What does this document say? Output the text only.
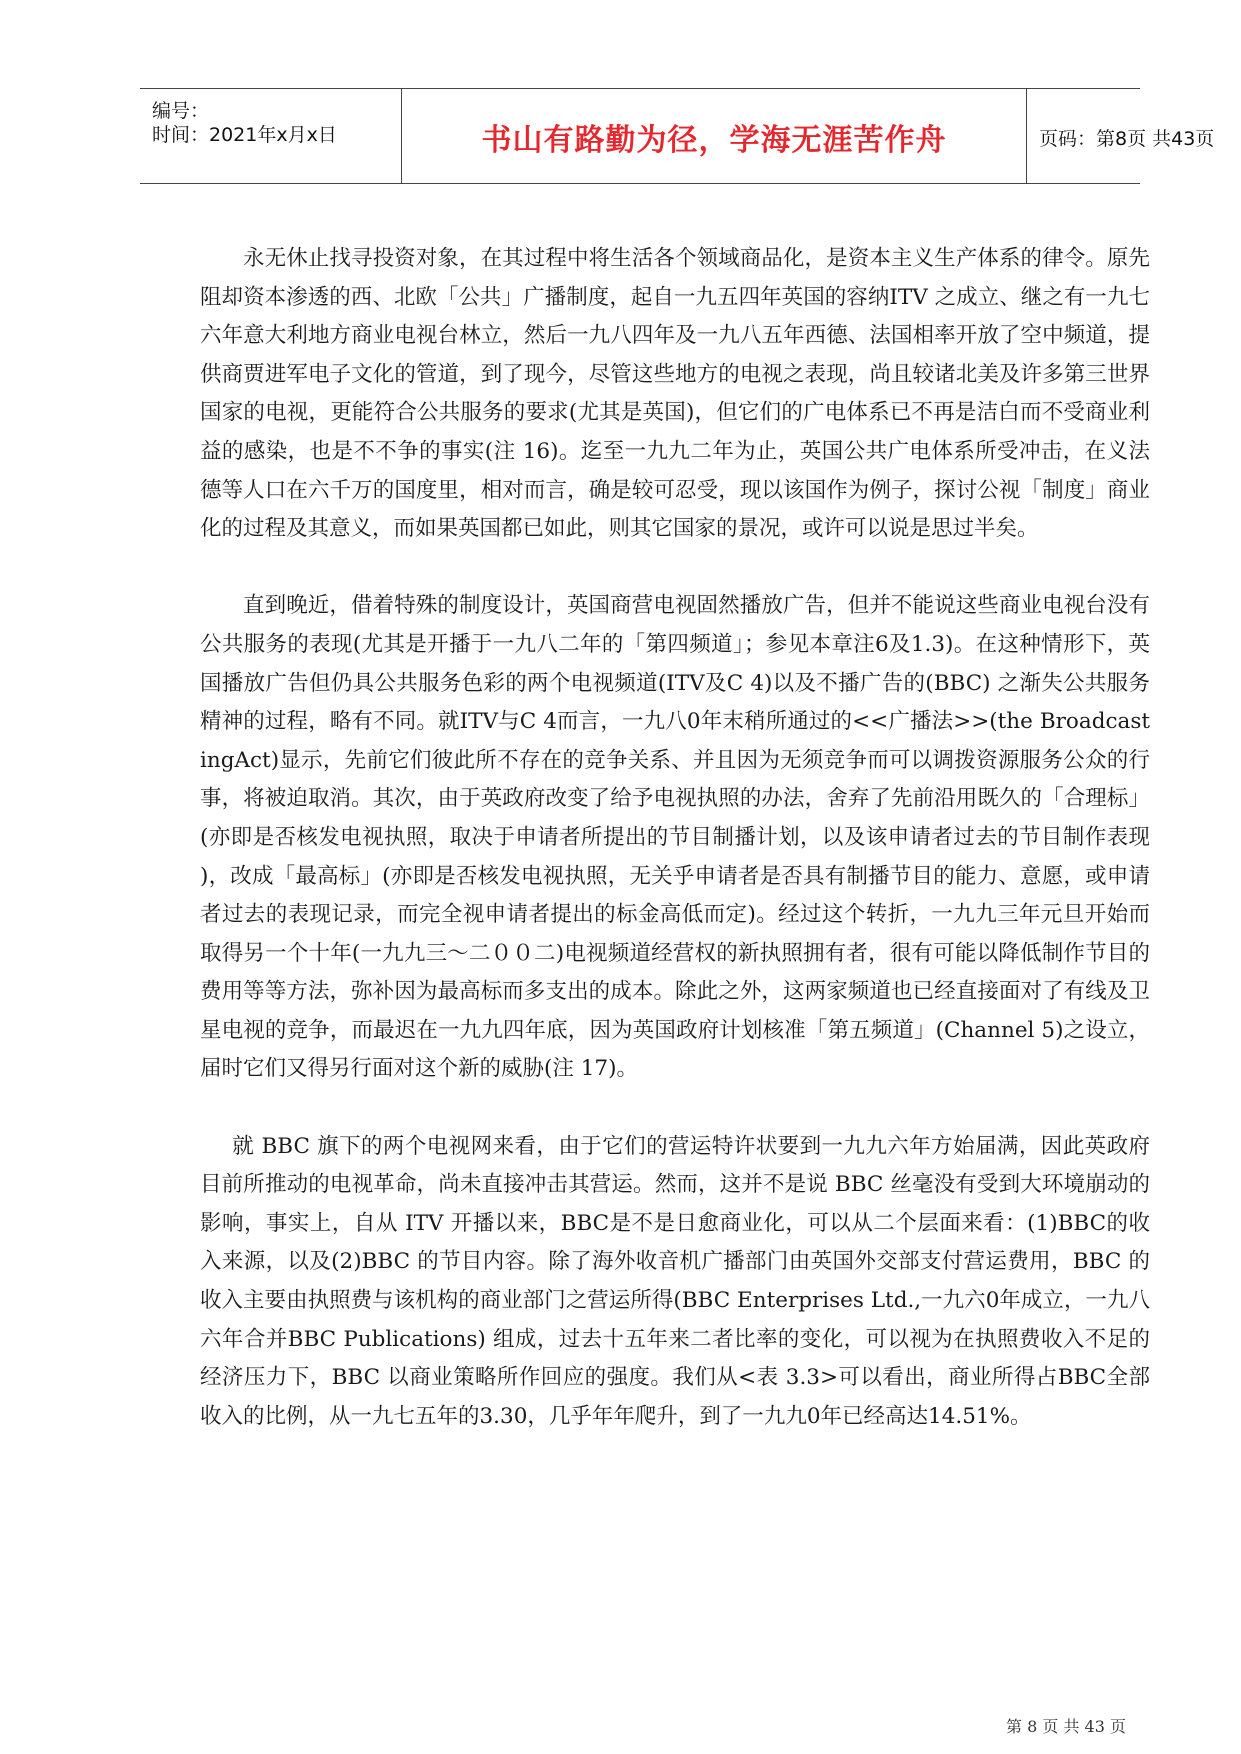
编号：
时间：2021年x月x日	书山有路勤为径，学海无涯苦作舟	页码：第8页 共43页

永无休止找寻投资对象，在其过程中将生活各个领域商品化，是资本主义生产体系的律令。原先阻却资本渗透的西、北欧「公共」广播制度，起自一九五四年英国的容纳ITV 之成立、继之有一九七六年意大利地方商业电视台林立，然后一九八四年及一九八五年西德、法国相率开放了空中频道，提供商贾进军电子文化的管道，到了现今，尽管这些地方的电视之表现，尚且较诸北美及许多第三世界国家的电视，更能符合公共服务的要求(尤其是英国)，但它们的广电体系已不再是洁白而不受商业利益的感染，也是不不争的事实(注 16)。迄至一九九二年为止，英国公共广电体系所受冲击，在义法德等人口在六千万的国度里，相对而言，确是较可忍受，现以该国作为例子，探讨公视「制度」商业化的过程及其意义，而如果英国都已如此，则其它国家的景况，或许可以说是思过半矣。

直到晚近，借着特殊的制度设计，英国商营电视固然播放广告，但并不能说这些商业电视台没有公共服务的表现(尤其是开播于一九八二年的「第四频道」；参见本章注6及1.3)。在这种情形下，英国播放广告但仍具公共服务色彩的两个电视频道(ITV及C 4)以及不播广告的(BBC) 之渐失公共服务精神的过程，略有不同。就ITV与C 4而言，一九八0年末稍所通过的<<广播法>>(the BroadcastingAct)显示，先前它们彼此所不存在的竞争关系、并且因为无须竞争而可以调拨资源服务公众的行事，将被迫取消。其次，由于英政府改变了给予电视执照的办法，舍弃了先前沿用既久的「合理标」(亦即是否核发电视执照，取决于申请者所提出的节目制播计划，以及该申请者过去的节目制作表现 )，改成「最高标」(亦即是否核发电视执照，无关乎申请者是否具有制播节目的能力、意愿，或申请者过去的表现记录，而完全视申请者提出的标金高低而定)。经过这个转折，一九九三年元旦开始而取得另一个十年(一九九三～二００二)电视频道经营权的新执照拥有者，很有可能以降低制作节目的费用等等方法，弥补因为最高标而多支出的成本。除此之外，这两家频道也已经直接面对了有线及卫星电视的竞争，而最迟在一九九四年底，因为英国政府计划核准「第五频道」(Channel 5)之设立，届时它们又得另行面对这个新的威胁(注 17)。

就 BBC 旗下的两个电视网来看，由于它们的营运特许状要到一九九六年方始届满，因此英政府目前所推动的电视革命，尚未直接冲击其营运。然而，这并不是说 BBC 丝毫没有受到大环境崩动的影响，事实上，自从 ITV 开播以来，BBC是不是日愈商业化，可以从二个层面来看：(1)BBC的收入来源，以及(2)BBC 的节目内容。除了海外收音机广播部门由英国外交部支付营运费用，BBC 的收入主要由执照费与该机构的商业部门之营运所得(BBC Enterprises Ltd.,一九六0年成立，一九八六年合并BBC Publications) 组成，过去十五年来二者比率的变化，可以视为在执照费收入不足的经济压力下，BBC 以商业策略所作回应的强度。我们从<表 3.3>可以看出，商业所得占BBC全部收入的比例，从一九七五年的3.30，几乎年年爬升，到了一九九0年已经高达14.51%。

第 8 页 共 43 页
